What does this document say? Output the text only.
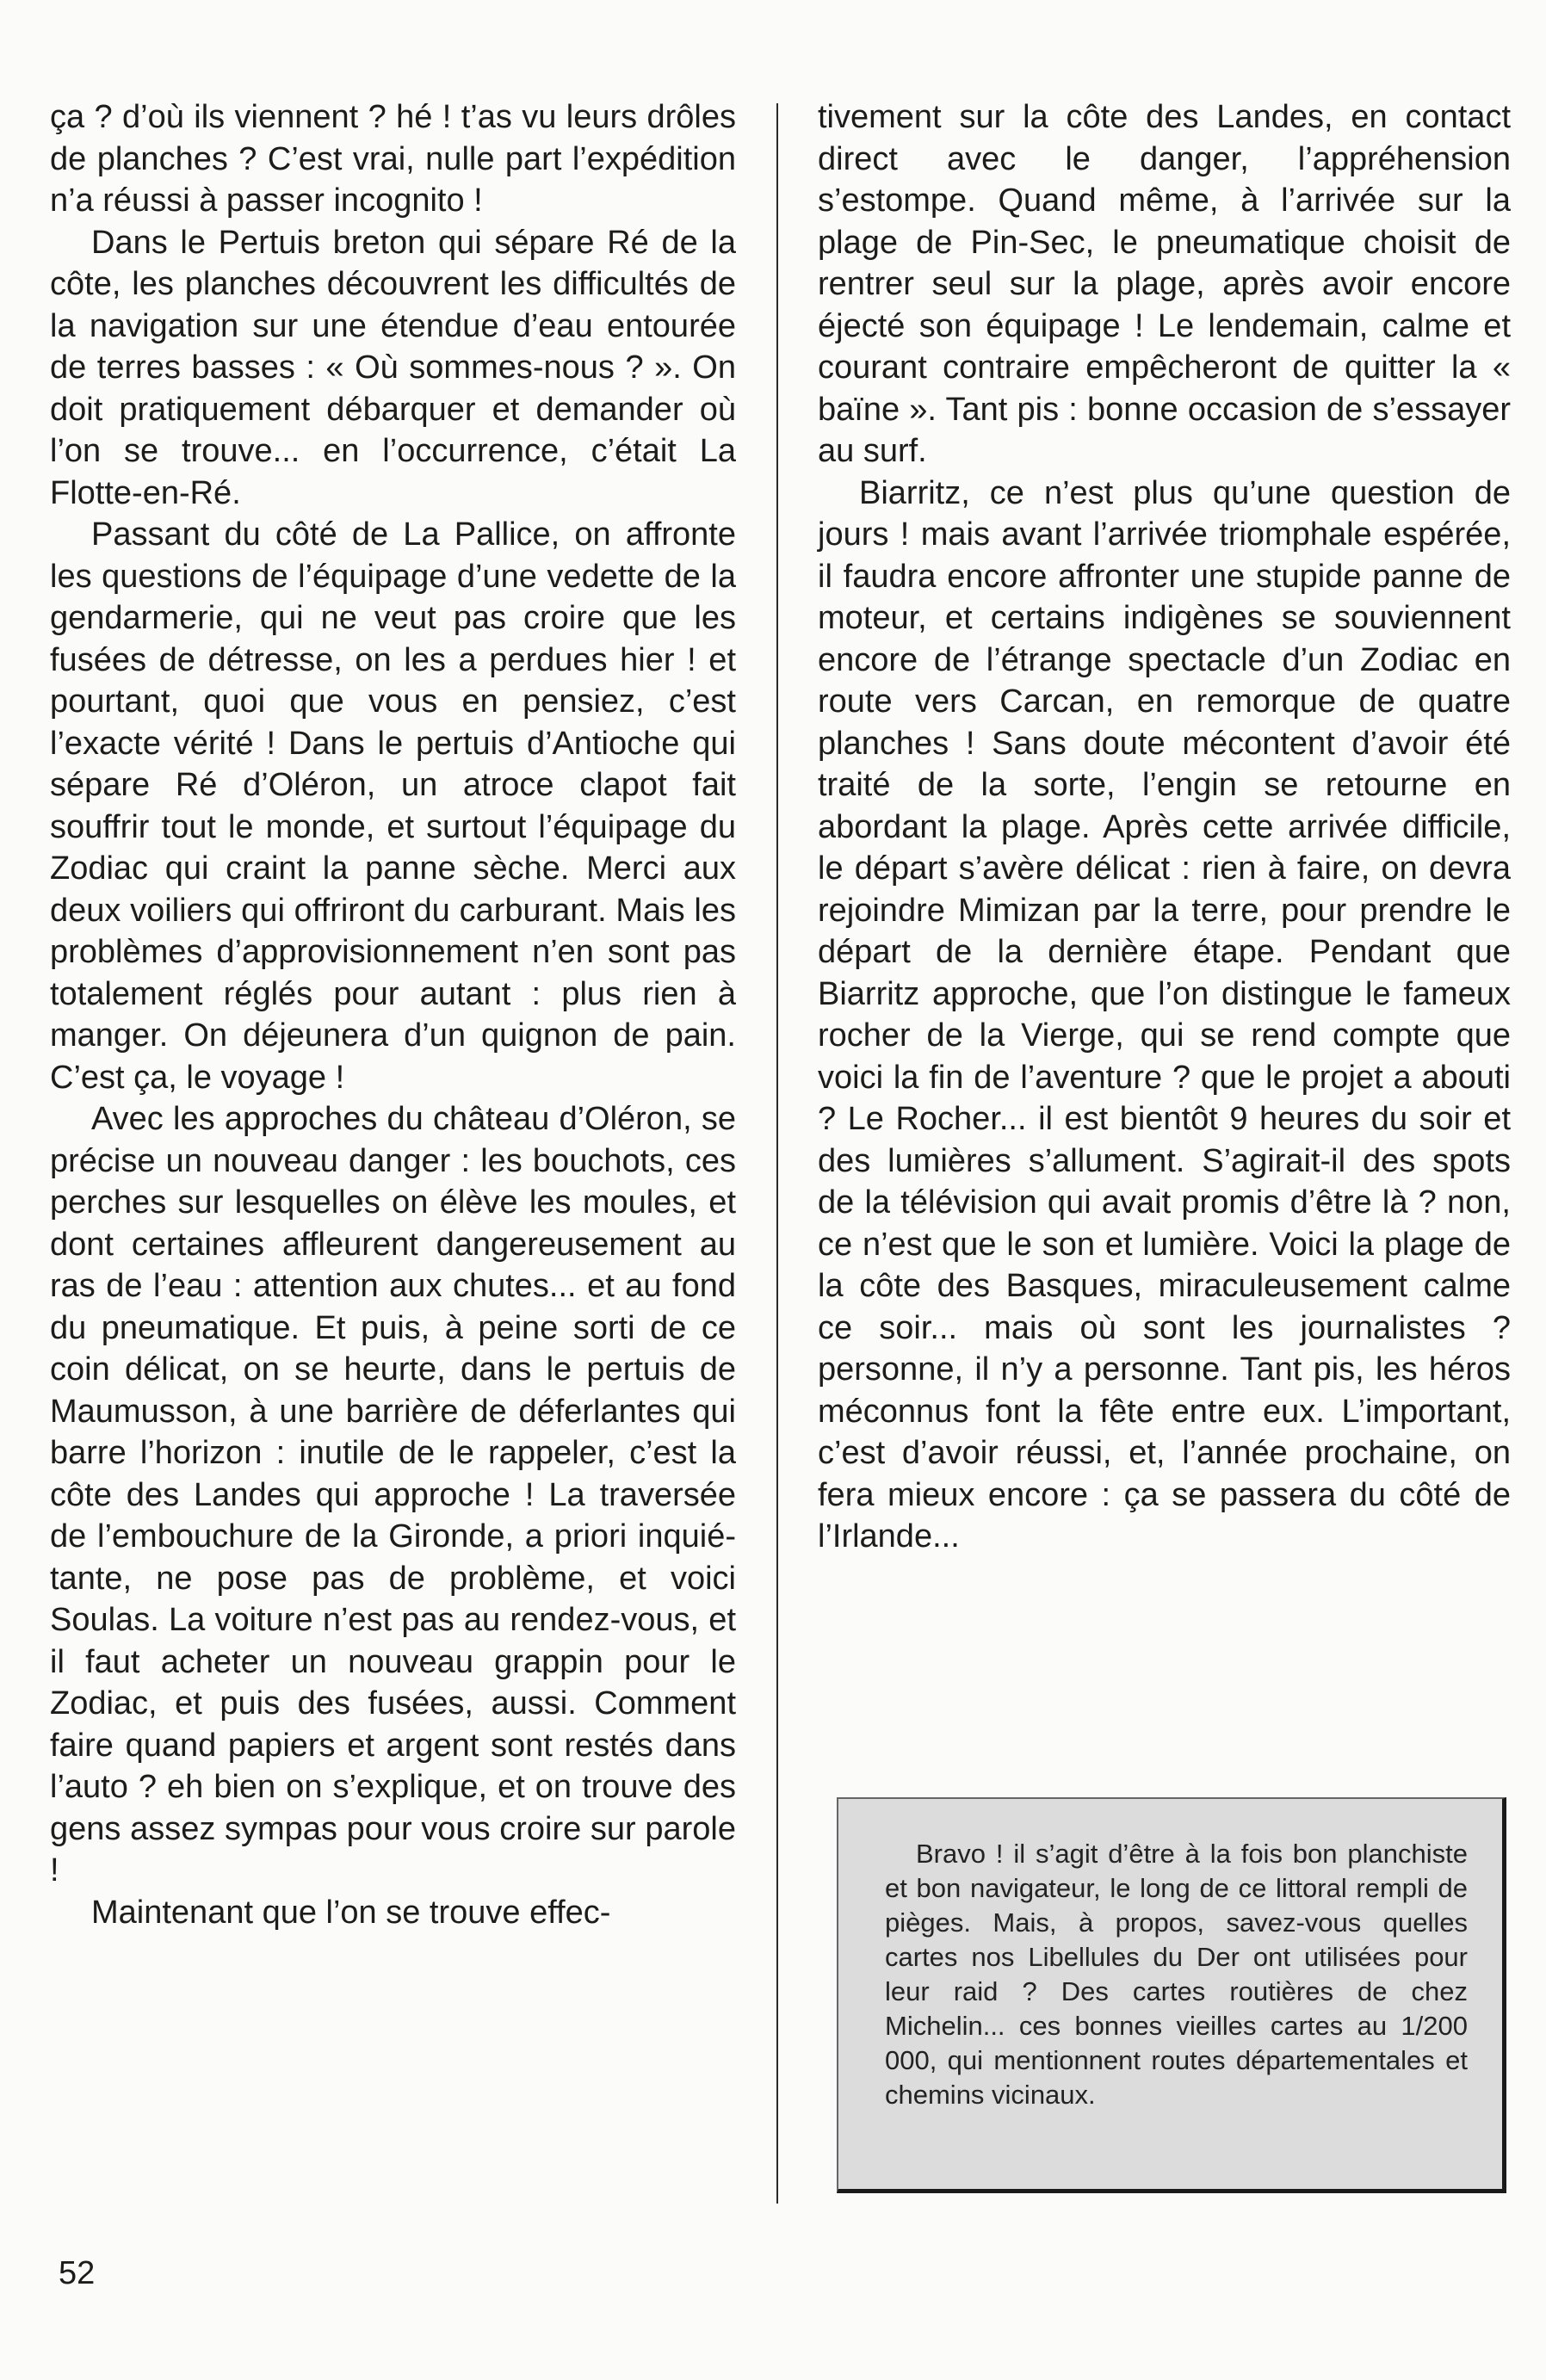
ça ? d’où ils viennent ? hé ! t’as vu leurs drôles de planches ? C’est vrai, nulle part l’expédition n’a réussi à passer incognito !

Dans le Pertuis breton qui sépare Ré de la côte, les planches découvrent les difficultés de la navigation sur une étendue d’eau entourée de terres basses : « Où sommes-nous ? ». On doit pratiquement débarquer et demander où l’on se trouve... en l’occurrence, c’était La Flotte-en-Ré.

Passant du côté de La Pallice, on affronte les questions de l’équipage d’une vedette de la gendarmerie, qui ne veut pas croire que les fusées de détresse, on les a perdues hier ! et pourtant, quoi que vous en pensiez, c’est l’exacte vérité ! Dans le pertuis d’Antioche qui sépare Ré d’Oléron, un atroce clapot fait souffrir tout le monde, et surtout l’équipage du Zodiac qui craint la panne sèche. Merci aux deux voiliers qui offriront du carburant. Mais les problèmes d’approvisionnement n’en sont pas totalement réglés pour autant : plus rien à manger. On déjeunera d’un quignon de pain. C’est ça, le voyage !

Avec les approches du château d’Oléron, se précise un nouveau danger : les bouchots, ces perches sur lesquelles on élève les moules, et dont certaines affleurent dangereusement au ras de l’eau : attention aux chutes... et au fond du pneumatique. Et puis, à peine sorti de ce coin délicat, on se heurte, dans le pertuis de Maumusson, à une barrière de déferlantes qui barre l’horizon : inutile de le rappeler, c’est la côte des Landes qui approche ! La traversée de l’embouchure de la Gironde, a priori inquiétante, ne pose pas de problème, et voici Soulas. La voiture n’est pas au rendez-vous, et il faut acheter un nouveau grappin pour le Zodiac, et puis des fusées, aussi. Comment faire quand papiers et argent sont restés dans l’auto ? eh bien on s’explique, et on trouve des gens assez sympas pour vous croire sur parole !

Maintenant que l’on se trouve effec-

tivement sur la côte des Landes, en contact direct avec le danger, l’appréhension s’estompe. Quand même, à l’arrivée sur la plage de Pin-Sec, le pneumatique choisit de rentrer seul sur la plage, après avoir encore éjecté son équipage ! Le lendemain, calme et courant contraire empêcheront de quitter la « baïne ». Tant pis : bonne occasion de s’essayer au surf.

Biarritz, ce n’est plus qu’une question de jours ! mais avant l’arrivée triomphale espérée, il faudra encore affronter une stupide panne de moteur, et certains indigènes se souviennent encore de l’étrange spectacle d’un Zodiac en route vers Carcan, en remorque de quatre planches ! Sans doute mécontent d’avoir été traité de la sorte, l’engin se retourne en abordant la plage. Après cette arrivée difficile, le départ s’avère délicat : rien à faire, on devra rejoindre Mimizan par la terre, pour prendre le départ de la dernière étape. Pendant que Biarritz approche, que l’on distingue le fameux rocher de la Vierge, qui se rend compte que voici la fin de l’aventure ? que le projet a abouti ? Le Rocher... il est bientôt 9 heures du soir et des lumières s’allument. S’agirait-il des spots de la télévision qui avait promis d’être là ? non, ce n’est que le son et lumière. Voici la plage de la côte des Basques, miraculeusement calme ce soir... mais où sont les journalistes ? personne, il n’y a personne. Tant pis, les héros méconnus font la fête entre eux. L’important, c’est d’avoir réussi, et, l’année prochaine, on fera mieux encore : ça se passera du côté de l’Irlande...

Bravo ! il s’agit d’être à la fois bon planchiste et bon navigateur, le long de ce littoral rempli de pièges. Mais, à propos, savez-vous quelles cartes nos Libellules du Der ont utilisées pour leur raid ? Des cartes routières de chez Michelin... ces bonnes vieilles cartes au 1/200 000, qui mentionnent routes départementales et chemins vicinaux.

52
